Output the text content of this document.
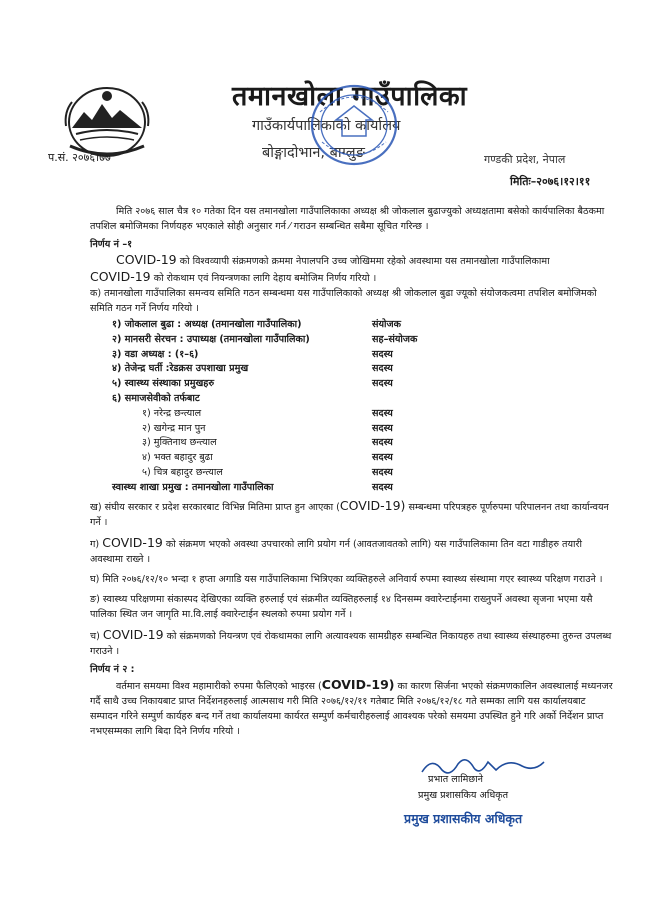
तमानखोला गाउँपालिका
गाउँकार्यपालिकाको कार्यालय
बोङ्गादोभान, बाग्लुङ
प.सं. २०७६।७७	गण्डकी प्रदेश, नेपाल
मितिः–२०७६।१२।११

मिति २०७६ साल चैत्र १० गतेका दिन यस तमानखोला गाउँपालिकाका अध्यक्ष श्री जोकलाल बुढाज्युको अध्यक्षतामा बसेको कार्यपालिका बैठकमा तपशिल बमोजिमका निर्णयहरु भएकाले सोही अनुसार गर्न ⁄ गराउन सम्बन्धित सबैमा सूचित गरिन्छ ।

निर्णय नं –१

COVID-19 को विश्वव्यापी संक्रमणको क्रममा नेपालपनि उच्च जोखिममा रहेको अवस्थामा यस तमानखोला गाउँपालिकामा
COVID-19 को रोकथाम एवं नियन्त्रणका लागि देहाय बमोजिम निर्णय गरियो ।

क) तमानखोला गाउँपालिका समन्वय समिति गठन सम्बन्धमा यस गाउँपालिकाको अध्यक्ष श्री जोकलाल बुढा ज्यूको संयोजकत्वमा तपशिल बमोजिमको समिति गठन गर्ने निर्णय गरियो ।

१) जोकलाल बुढा : अध्यक्ष (तमानखोला गाउँपालिका)	संयोजक
२) मानसरी सेरचन : उपाध्यक्ष (तमानखोला गाउँपालिका)	सह–संयोजक
३) वडा अध्यक्ष : (१–६)	सदस्य
४) तेजेन्द्र घर्ती :रेडक्रस उपशाखा प्रमुख	सदस्य
५) स्वास्थ्य संस्थाका प्रमुखहरु	सदस्य
६) समाजसेवीको तर्फबाट	
१) नरेन्द्र छन्त्याल	सदस्य
२) खगेन्द्र मान पुन	सदस्य
३) मुक्तिनाथ छन्त्याल	सदस्य
४) भक्त बहादुर बुढा	सदस्य
५) चित्र बहादुर छन्त्याल	सदस्य
स्वास्थ्य शाखा प्रमुख : तमानखोला गाउँपालिका	सदस्य

ख) संघीय सरकार र प्रदेश सरकारबाट विभिन्न मितिमा प्राप्त हुन आएका (COVID-19) सम्बन्धमा परिपत्रहरु पूर्णरुपमा परिपालनन तथा कार्यान्वयन गर्ने ।

ग) COVID-19 को संक्रमण भएको अवस्था उपचारको लागि प्रयोग गर्न (आवतजावतको लागि) यस गाउँपालिकामा तिन वटा गाडीहरु तयारी अवस्थामा राख्ने ।

घ) मिति २०७६/१२/१० भन्दा १ हप्ता अगाडि यस गाउँपालिकामा भित्रिएका व्यक्तिहरुले अनिवार्य रुपमा स्वास्थ्य संस्थामा गएर स्वास्थ्य परिक्षण गराउने ।

ङ) स्वास्थ्य परिक्षणमा संकास्पद देखिएका व्यक्ति हरुलाई एवं संक्रमीत व्यक्तिहरुलाई १४ दिनसम्म क्वारेन्टाईनमा राख्नुपर्ने अवस्था सृजना भएमा यसै पालिका स्थित जन जागृति मा.वि.लाई क्वारेन्टाईन स्थलको रुपमा प्रयोग गर्ने ।

च) COVID-19 को संक्रमणको नियन्त्रण एवं रोकथामका लागि अत्यावश्यक सामग्रीहरु सम्बन्धित निकायहरु तथा स्वास्थ्य संस्थाहरुमा तुरुन्त उपलब्ध गराउने ।

निर्णय नं २ :

वर्तमान समयमा विश्व महामारीको रुपमा फैलिएको भाइरस (COVID-19) का कारण सिर्जना भएको संक्रमणकालिन अवस्थालाई मध्यनजर गर्दै साथै उच्च निकायबाट प्राप्त निर्देशनहरुलाई आत्मसाथ गरी मिति २०७६/१२/११ गतेबाट मिति २०७६/१२/१८ गते सम्मका लागि यस कार्यालयबाट सम्पादन गरिने सम्पुर्ण कार्यहरु बन्द गर्ने तथा कार्यालयमा कार्यरत सम्पुर्ण कर्मचारीहरुलाई आवश्यक परेको समयमा उपस्थित हुने गरि अर्को निर्देशन प्राप्त नभएसम्मका लागि बिदा दिने निर्णय गरियो ।

प्रभात लामिछाने
प्रमुख प्रशासकिय अधिकृत
प्रमुख प्रशासकीय अधिकृत
